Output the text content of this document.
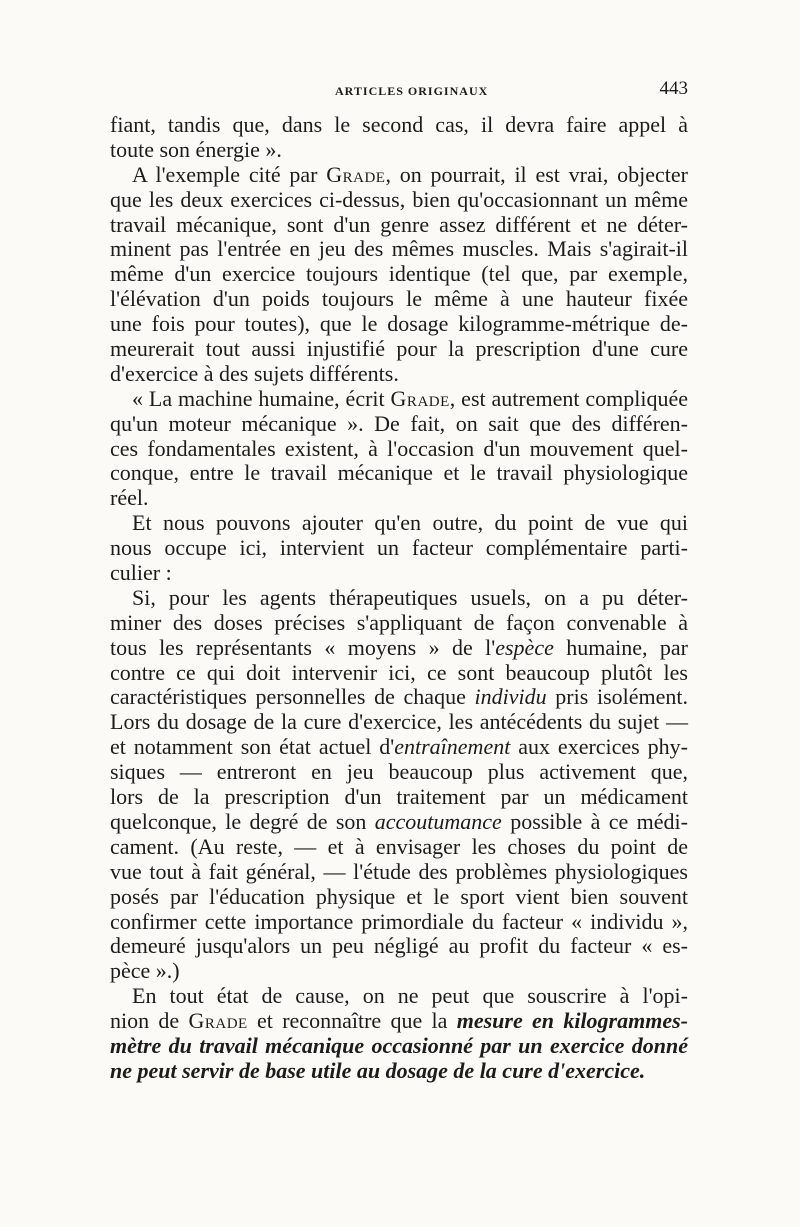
ARTICLES ORIGINAUX	443
fiant, tandis que, dans le second cas, il devra faire appel à
toute son énergie ».
A l'exemple cité par Grade, on pourrait, il est vrai, objecter
que les deux exercices ci-dessus, bien qu'occasionnant un même
travail mécanique, sont d'un genre assez différent et ne déter-
minent pas l'entrée en jeu des mêmes muscles. Mais s'agirait-il
même d'un exercice toujours identique (tel que, par exemple,
l'élévation d'un poids toujours le même à une hauteur fixée
une fois pour toutes), que le dosage kilogramme-métrique de-
meurerait tout aussi injustifié pour la prescription d'une cure
d'exercice à des sujets différents.
« La machine humaine, écrit Grade, est autrement compliquée
qu'un moteur mécanique ». De fait, on sait que des différen-
ces fondamentales existent, à l'occasion d'un mouvement quel-
conque, entre le travail mécanique et le travail physiologique
réel.
Et nous pouvons ajouter qu'en outre, du point de vue qui
nous occupe ici, intervient un facteur complémentaire parti-
culier :
Si, pour les agents thérapeutiques usuels, on a pu déter-
miner des doses précises s'appliquant de façon convenable à
tous les représentants « moyens » de l'espèce humaine, par
contre ce qui doit intervenir ici, ce sont beaucoup plutôt les
caractéristiques personnelles de chaque individu pris isolément.
Lors du dosage de la cure d'exercice, les antécédents du sujet —
et notamment son état actuel d'entraînement aux exercices phy-
siques — entreront en jeu beaucoup plus activement que,
lors de la prescription d'un traitement par un médicament
quelconque, le degré de son accoutumance possible à ce médi-
cament. (Au reste, — et à envisager les choses du point de
vue tout à fait général, — l'étude des problèmes physiologiques
posés par l'éducation physique et le sport vient bien souvent
confirmer cette importance primordiale du facteur « individu »,
demeuré jusqu'alors un peu négligé au profit du facteur « es-
pèce ».)
En tout état de cause, on ne peut que souscrire à l'opi-
nion de Grade et reconnaître que la mesure en kilogrammes-
mètre du travail mécanique occasionné par un exercice donné
ne peut servir de base utile au dosage de la cure d'exercice.
